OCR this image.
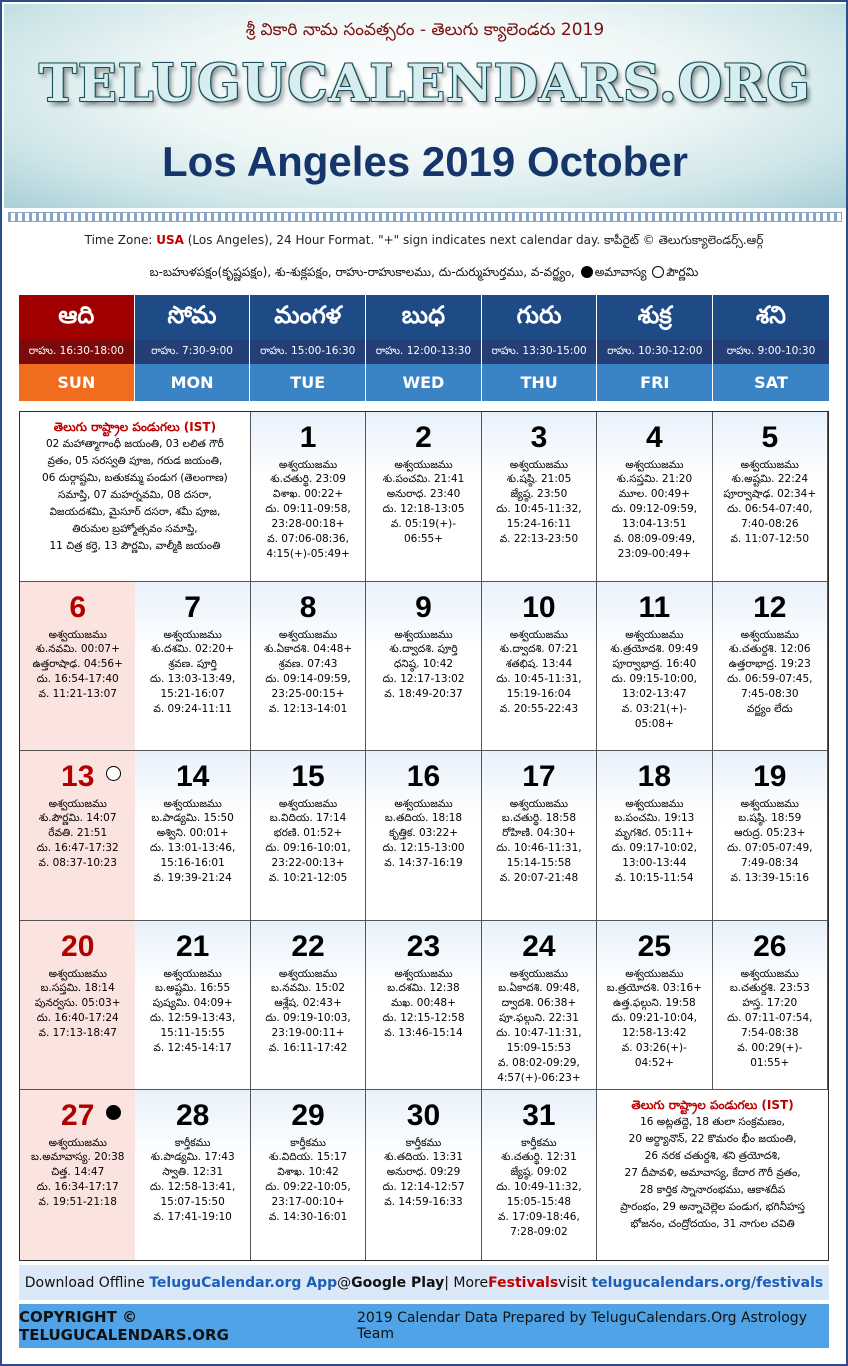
శ్రీ వికారి నామ సంవత్సరం - తెలుగు క్యాలెండరు 2019
TELUGUCALENDARS.ORG
Los Angeles 2019 October
Time Zone: USA (Los Angeles), 24 Hour Format. "+" sign indicates next calendar day. కాపీరైట్ © తెలుగుక్యాలెండర్స్.ఆర్గ్
బ-బహుళపక్షం(కృష్ణపక్షం), శు-శుక్లపక్షం, రాహు-రాహుకాలము, దు-దుర్ముహుర్తము, వ-వర్జ్యం, అమావాస్య పౌర్ణమి
ఆది
రాహు. 16:30-18:00
SUN
సోమ
రాహు. 7:30-9:00
MON
మంగళ
రాహు. 15:00-16:30
TUE
బుధ
రాహు. 12:00-13:30
WED
గురు
రాహు. 13:30-15:00
THU
శుక్ర
రాహు. 10:30-12:00
FRI
శని
రాహు. 9:00-10:30
SAT
తెలుగు రాష్ట్రాల పండుగలు (IST)
02 మహాత్మాగాంధీ జయంతి, 03 లలిత గౌరీ
వ్రతం, 05 సరస్వతి పూజ, గరుడ జయంతి,
06 దుర్గాష్టమి, బతుకమ్మ పండుగ (తెలంగాణ)
సమాప్తి, 07 మహర్నవమి, 08 దసరా,
విజయదశమి, మైసూర్ దసరా, శమీ పూజ,
తిరుమల బ్రహ్మోత్సవం సమాప్తి,
11 చిత్ర కర్తె, 13 పౌర్ణమి, వాల్మీకి జయంతి
1
అశ్వయుజము
శు.చతుర్థి. 23:09
విశాఖ. 00:22+
దు. 09:11-09:58,
23:28-00:18+
వ. 07:06-08:36,
4:15(+)-05:49+
2
అశ్వయుజము
శు.పంచమి. 21:41
అనురాధ. 23:40
దు. 12:18-13:05
వ. 05:19(+)-
06:55+
3
అశ్వయుజము
శు.షష్ఠి. 21:05
జ్యేష్ఠ. 23:50
దు. 10:45-11:32,
15:24-16:11
వ. 22:13-23:50
4
అశ్వయుజము
శు.సప్తమి. 21:20
మూల. 00:49+
దు. 09:12-09:59,
13:04-13:51
వ. 08:09-09:49,
23:09-00:49+
5
అశ్వయుజము
శు.అష్టమి. 22:24
పూర్వాషాఢ. 02:34+
దు. 06:54-07:40,
7:40-08:26
వ. 11:07-12:50
6
అశ్వయుజము
శు.నవమి. 00:07+
ఉత్తరాషాఢ. 04:56+
దు. 16:54-17:40
వ. 11:21-13:07
7
అశ్వయుజము
శు.దశమి. 02:20+
శ్రవణ. పూర్తి
దు. 13:03-13:49,
15:21-16:07
వ. 09:24-11:11
8
అశ్వయుజము
శు.ఏకాదశి. 04:48+
శ్రవణ. 07:43
దు. 09:14-09:59,
23:25-00:15+
వ. 12:13-14:01
9
అశ్వయుజము
శు.ద్వాదశి. పూర్తి
ధనిష్ఠ. 10:42
దు. 12:17-13:02
వ. 18:49-20:37
10
అశ్వయుజము
శు.ద్వాదశి. 07:21
శతభిష. 13:44
దు. 10:45-11:31,
15:19-16:04
వ. 20:55-22:43
11
అశ్వయుజము
శు.త్రయోదశి. 09:49
పూర్వాభాద్ర. 16:40
దు. 09:15-10:00,
13:02-13:47
వ. 03:21(+)-
05:08+
12
అశ్వయుజము
శు.చతుర్దశి. 12:06
ఉత్తరాభాద్ర. 19:23
దు. 06:59-07:45,
7:45-08:30
వర్జ్యం లేదు
13
అశ్వయుజము
శు.పౌర్ణమి. 14:07
రేవతి. 21:51
దు. 16:47-17:32
వ. 08:37-10:23
14
అశ్వయుజము
బ.పాడ్యమి. 15:50
అశ్విని. 00:01+
దు. 13:01-13:46,
15:16-16:01
వ. 19:39-21:24
15
అశ్వయుజము
బ.విదియ. 17:14
భరణి. 01:52+
దు. 09:16-10:01,
23:22-00:13+
వ. 10:21-12:05
16
అశ్వయుజము
బ.తదియ. 18:18
కృత్తిక. 03:22+
దు. 12:15-13:00
వ. 14:37-16:19
17
అశ్వయుజము
బ.చతుర్థి. 18:58
రోహిణి. 04:30+
దు. 10:46-11:31,
15:14-15:58
వ. 20:07-21:48
18
అశ్వయుజము
బ.పంచమి. 19:13
మృగశిర. 05:11+
దు. 09:17-10:02,
13:00-13:44
వ. 10:15-11:54
19
అశ్వయుజము
బ.షష్ఠి. 18:59
ఆరుద్ర. 05:23+
దు. 07:05-07:49,
7:49-08:34
వ. 13:39-15:16
20
అశ్వయుజము
బ.సప్తమి. 18:14
పునర్వసు. 05:03+
దు. 16:40-17:24
వ. 17:13-18:47
21
అశ్వయుజము
బ.అష్టమి. 16:55
పుష్యమి. 04:09+
దు. 12:59-13:43,
15:11-15:55
వ. 12:45-14:17
22
అశ్వయుజము
బ.నవమి. 15:02
ఆశ్లేష. 02:43+
దు. 09:19-10:03,
23:19-00:11+
వ. 16:11-17:42
23
అశ్వయుజము
బ.దశమి. 12:38
మఖ. 00:48+
దు. 12:15-12:58
వ. 13:46-15:14
24
అశ్వయుజము
బ.ఏకాదశి. 09:48,
ద్వాదశి. 06:38+
పూ.ఫల్గుని. 22:31
దు. 10:47-11:31,
15:09-15:53
వ. 08:02-09:29,
4:57(+)-06:23+
25
అశ్వయుజము
బ.త్రయోదశి. 03:16+
ఉత్త.ఫల్గుని. 19:58
దు. 09:21-10:04,
12:58-13:42
వ. 03:26(+)-
04:52+
26
అశ్వయుజము
బ.చతుర్దశి. 23:53
హస్త. 17:20
దు. 07:11-07:54,
7:54-08:38
వ. 00:29(+)-
01:55+
27
అశ్వయుజము
బ.అమావాస్య. 20:38
చిత్త. 14:47
దు. 16:34-17:17
వ. 19:51-21:18
28
కార్తీకము
శు.పాడ్యమి. 17:43
స్వాతి. 12:31
దు. 12:58-13:41,
15:07-15:50
వ. 17:41-19:10
29
కార్తీకము
శు.విదియ. 15:17
విశాఖ. 10:42
దు. 09:22-10:05,
23:17-00:10+
వ. 14:30-16:01
30
కార్తీకము
శు.తదియ. 13:31
అనురాధ. 09:29
దు. 12:14-12:57
వ. 14:59-16:33
31
కార్తీకము
శు.చతుర్థి. 12:31
జ్యేష్ఠ. 09:02
దు. 10:49-11:32,
15:05-15:48
వ. 17:09-18:46,
7:28-09:02
తెలుగు రాష్ట్రాల పండుగలు (IST)
16 అట్లతద్దె, 18 తులా సంక్రమణం,
20 అర్ధ్యానొన్, 22 కొమరం భీం జయంతి,
26 నరక చతుర్దశి, శని త్రయోదశి,
27 దీపావళి, అమావాస్య, కేదార గౌరీ వ్రతం,
28 కార్తిక స్నానారంభము, ఆకాశదీప
ప్రారంభం, 29 అన్నాచెల్లెల పండుగ, భగినీహస్త
భోజనం, చంద్రోదయం, 31 నాగుల చవితి
Download Offline
TeluguCalendar.org App @ Google Play | More Festivals visit
telugucalendars.org/festivals
COPYRIGHT © TELUGUCALENDARS.ORG
2019 Calendar Data Prepared by TeluguCalendars.Org Astrology Team
